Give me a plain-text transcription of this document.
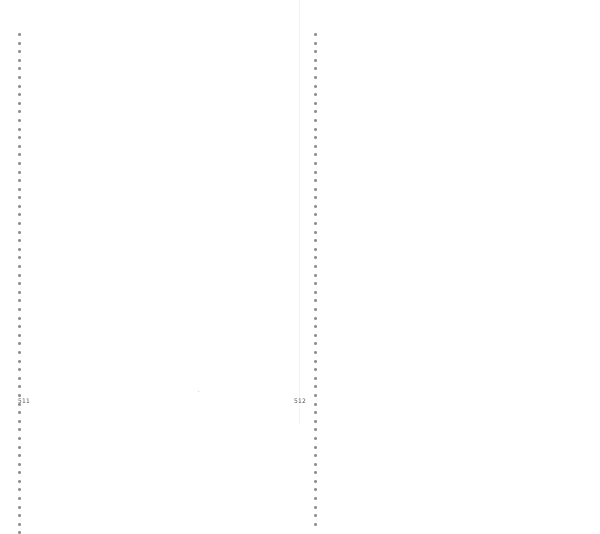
·
511	512
